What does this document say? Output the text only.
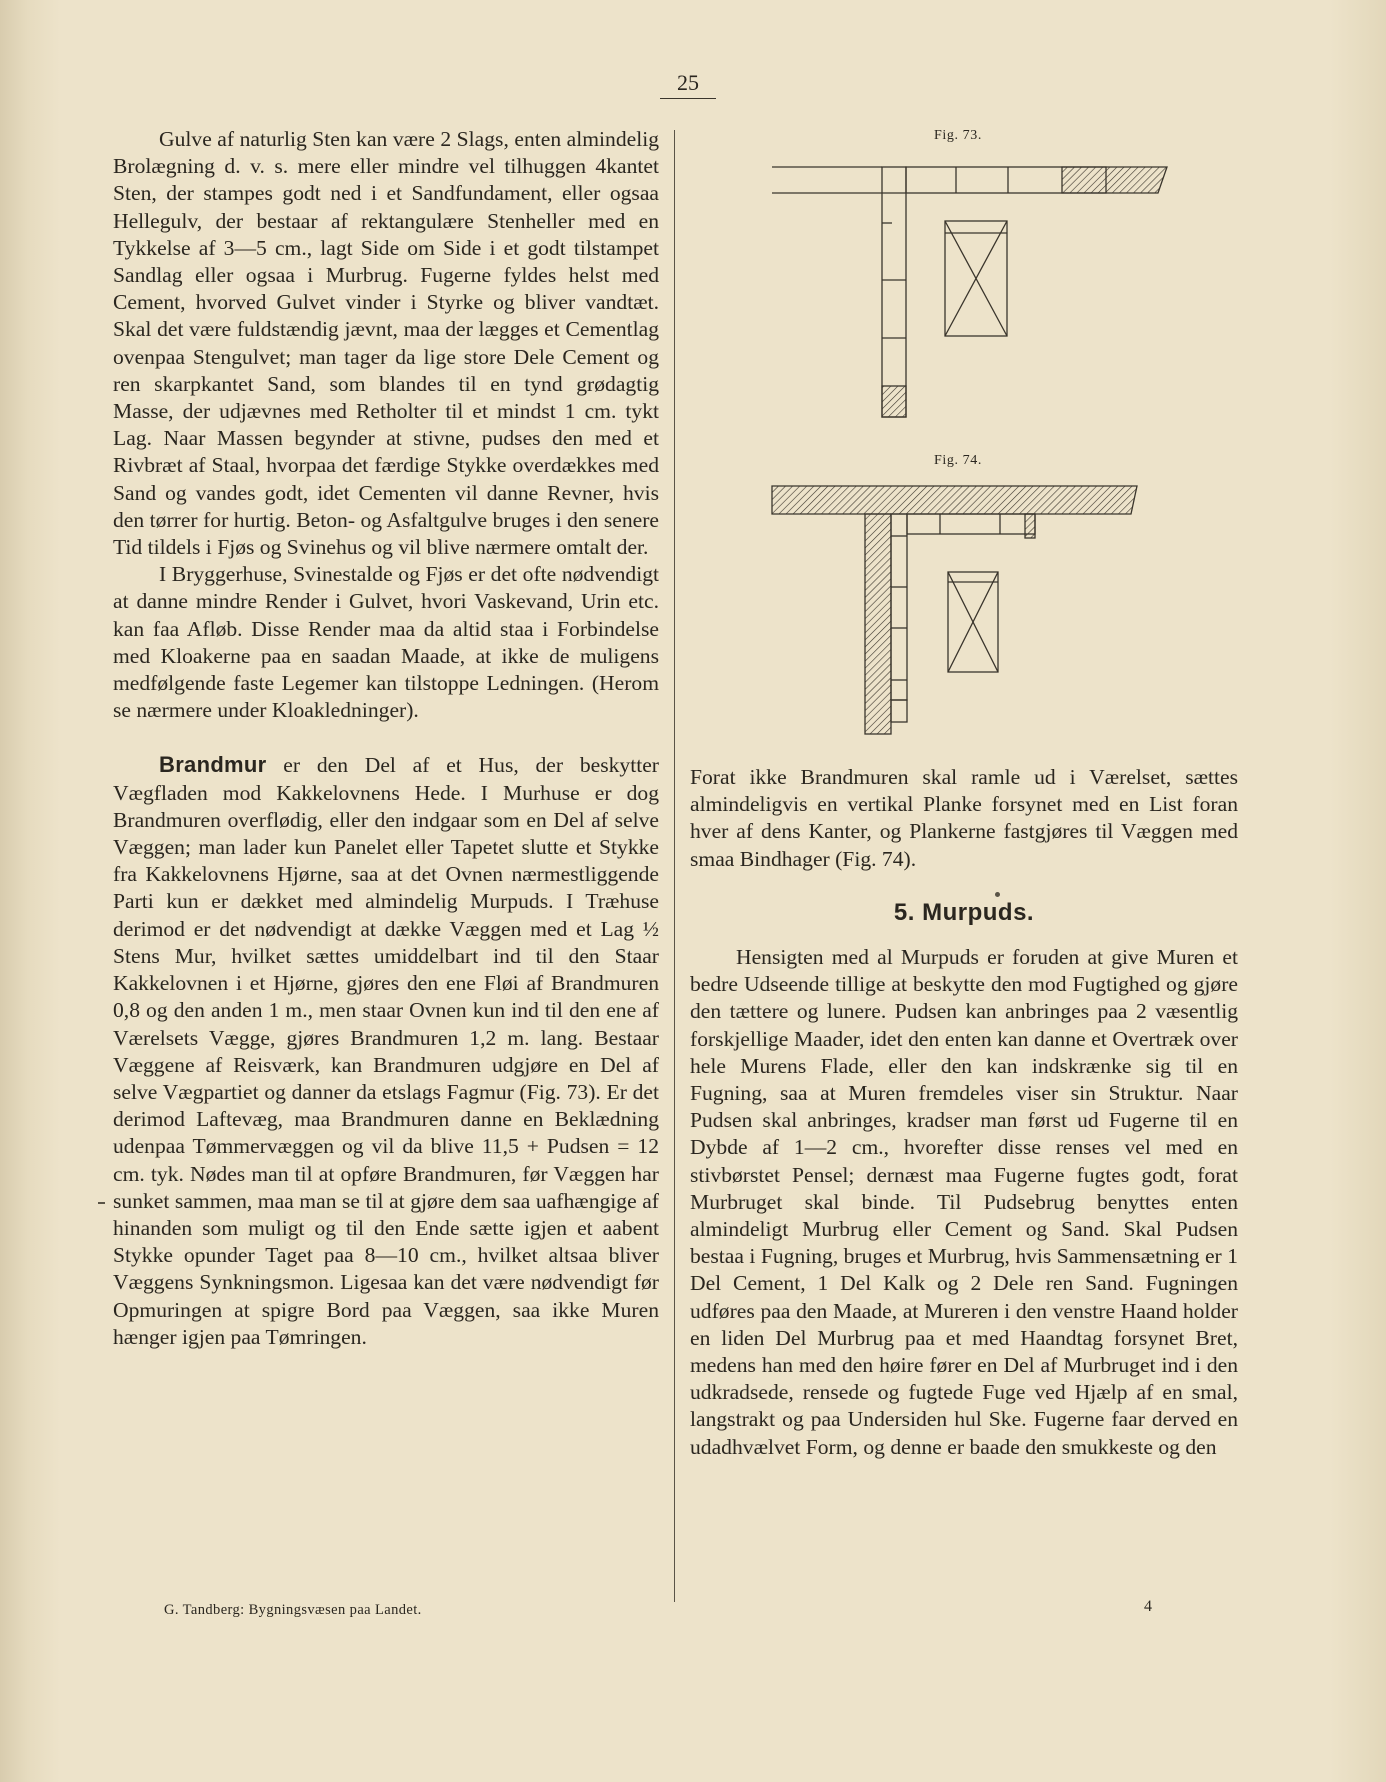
25

Gulve af naturlig Sten kan være 2 Slags, enten almindelig Brolægning d. v. s. mere eller mindre vel tilhuggen 4kantet Sten, der stampes godt ned i et Sandfundament, eller ogsaa Hellegulv, der bestaar af rektangulære Stenheller med en Tykkelse af 3—5 cm., lagt Side om Side i et godt tilstampet Sandlag eller ogsaa i Murbrug. Fugerne fyldes helst med Cement, hvorved Gulvet vinder i Styrke og bliver vandtæt. Skal det være fuldstændig jævnt, maa der lægges et Cementlag ovenpaa Stengulvet; man tager da lige store Dele Cement og ren skarpkantet Sand, som blandes til en tynd grødagtig Masse, der udjævnes med Retholter til et mindst 1 cm. tykt Lag. Naar Massen begynder at stivne, pudses den med et Rivbræt af Staal, hvorpaa det færdige Stykke overdækkes med Sand og vandes godt, idet Cementen vil danne Revner, hvis den tørrer for hurtig. Beton- og Asfaltgulve bruges i den senere Tid tildels i Fjøs og Svinehus og vil blive nærmere omtalt der.

I Bryggerhuse, Svinestalde og Fjøs er det ofte nødvendigt at danne mindre Render i Gulvet, hvori Vaskevand, Urin etc. kan faa Afløb. Disse Render maa da altid staa i Forbindelse med Kloakerne paa en saadan Maade, at ikke de muligens medfølgende faste Legemer kan tilstoppe Ledningen. (Herom se nærmere under Kloakledninger).

Brandmur er den Del af et Hus, der beskytter Vægfladen mod Kakkelovnens Hede. I Murhuse er dog Brandmuren overflødig, eller den indgaar som en Del af selve Væggen; man lader kun Panelet eller Tapetet slutte et Stykke fra Kakkelovnens Hjørne, saa at det Ovnen nærmestliggende Parti kun er dækket med almindelig Murpuds. I Træhuse derimod er det nødvendigt at dække Væggen med et Lag ½ Stens Mur, hvilket sættes umiddelbart ind til den Staar Kakkelovnen i et Hjørne, gjøres den ene Fløi af Brandmuren 0,8 og den anden 1 m., men staar Ovnen kun ind til den ene af Værelsets Vægge, gjøres Brandmuren 1,2 m. lang. Bestaar Væggene af Reisværk, kan Brandmuren udgjøre en Del af selve Vægpartiet og danner da etslags Fagmur (Fig. 73). Er det derimod Laftevæg, maa Brandmuren danne en Beklædning udenpaa Tømmervæggen og vil da blive 11,5 + Pudsen = 12 cm. tyk. Nødes man til at opføre Brandmuren, før Væggen har sunket sammen, maa man se til at gjøre dem saa uafhængige af hinanden som muligt og til den Ende sætte igjen et aabent Stykke opunder Taget paa 8—10 cm., hvilket altsaa bliver Væggens Synkningsmon. Ligesaa kan det være nødvendigt før Opmuringen at spigre Bord paa Væggen, saa ikke Muren hænger igjen paa Tømringen.

Fig. 73.
Fig. 74.

Forat ikke Brandmuren skal ramle ud i Værelset, sættes almindeligvis en vertikal Planke forsynet med en List foran hver af dens Kanter, og Plankerne fastgjøres til Væggen med smaa Bindhager (Fig. 74).

5. Murpuds.

Hensigten med al Murpuds er foruden at give Muren et bedre Udseende tillige at beskytte den mod Fugtighed og gjøre den tættere og lunere. Pudsen kan anbringes paa 2 væsentlig forskjellige Maader, idet den enten kan danne et Overtræk over hele Murens Flade, eller den kan indskrænke sig til en Fugning, saa at Muren fremdeles viser sin Struktur. Naar Pudsen skal anbringes, kradser man først ud Fugerne til en Dybde af 1—2 cm., hvorefter disse renses vel med en stivbørstet Pensel; dernæst maa Fugerne fugtes godt, forat Murbruget skal binde. Til Pudsebrug benyttes enten almindeligt Murbrug eller Cement og Sand. Skal Pudsen bestaa i Fugning, bruges et Murbrug, hvis Sammensætning er 1 Del Cement, 1 Del Kalk og 2 Dele ren Sand. Fugningen udføres paa den Maade, at Mureren i den venstre Haand holder en liden Del Murbrug paa et med Haandtag forsynet Bret, medens han med den høire fører en Del af Murbruget ind i den udkradsede, rensede og fugtede Fuge ved Hjælp af en smal, langstrakt og paa Undersiden hul Ske. Fugerne faar derved en udadhvælvet Form, og denne er baade den smukkeste og den

G. Tandberg: Bygningsvæsen paa Landet.	4
